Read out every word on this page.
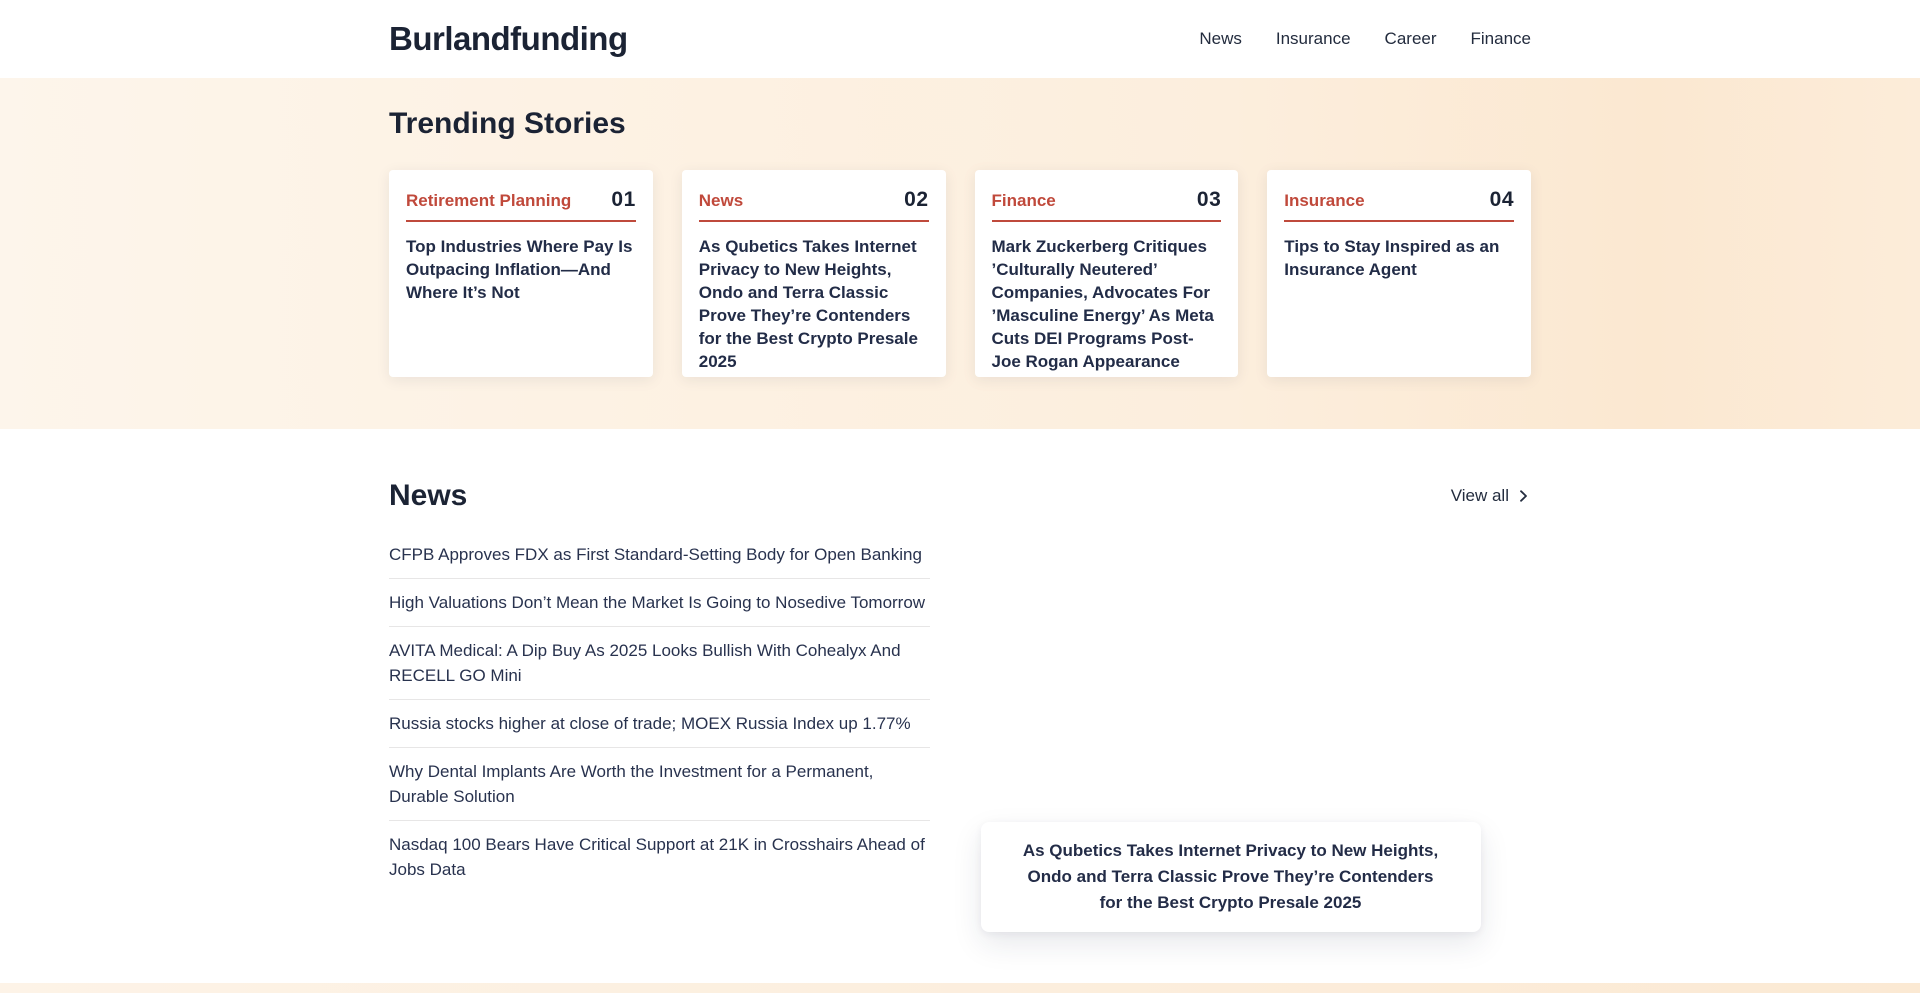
Burlandfunding	News Insurance Career Finance
Trending Stories
Retirement Planning 01
Top Industries Where Pay Is Outpacing Inflation—And Where It’s Not
News	02
As Qubetics Takes Internet Privacy to New Heights, Ondo and Terra Classic Prove They’re Contenders for the Best Crypto Presale 2025
Finance	03
Mark Zuckerberg Critiques ’Culturally Neutered’ Companies, Advocates For ’Masculine Energy’ As Meta Cuts DEI Programs Post-Joe Rogan Appearance
Insurance	04
Tips to Stay Inspired as an Insurance Agent
News	View all
CFPB Approves FDX as First Standard-Setting Body for Open Banking
High Valuations Don’t Mean the Market Is Going to Nosedive Tomorrow
AVITA Medical: A Dip Buy As 2025 Looks Bullish With Cohealyx And RECELL GO Mini
Russia stocks higher at close of trade; MOEX Russia Index up 1.77%
Why Dental Implants Are Worth the Investment for a Permanent, Durable Solution
Nasdaq 100 Bears Have Critical Support at 21K in Crosshairs Ahead of Jobs Data
As Qubetics Takes Internet Privacy to New Heights, Ondo and Terra Classic Prove They’re Contenders for the Best Crypto Presale 2025
